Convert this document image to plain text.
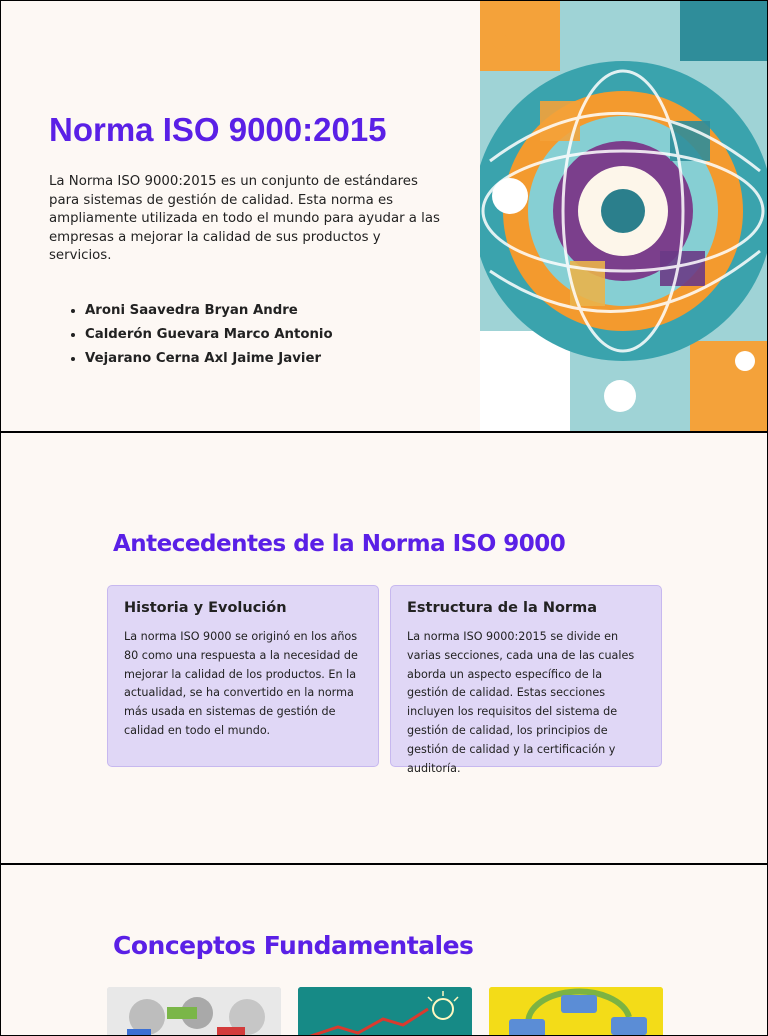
Norma ISO 9000:2015

La Norma ISO 9000:2015 es un conjunto de estándares para sistemas de gestión de calidad. Esta norma es ampliamente utilizada en todo el mundo para ayudar a las empresas a mejorar la calidad de sus productos y servicios.

• Aroni Saavedra Bryan Andre
• Calderón Guevara Marco Antonio
• Vejarano Cerna Axl Jaime Javier
Antecedentes de la Norma ISO 9000
Historia y Evolución

La norma ISO 9000 se originó en los años 80 como una respuesta a la necesidad de mejorar la calidad de los productos. En la actualidad, se ha convertido en la norma más usada en sistemas de gestión de calidad en todo el mundo.

Estructura de la Norma

La norma ISO 9000:2015 se divide en varias secciones, cada una de las cuales aborda un aspecto específico de la gestión de calidad. Estas secciones incluyen los requisitos del sistema de gestión de calidad, los principios de gestión de calidad y la certificación y auditoría.

Conceptos Fundamentales
